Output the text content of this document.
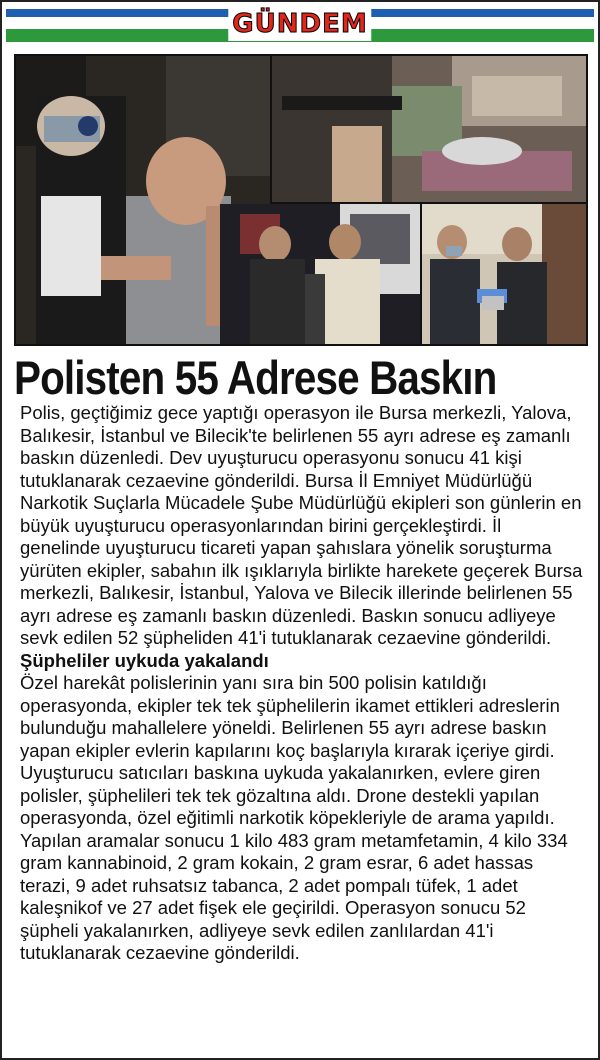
GÜNDEM
Polisten 55 Adrese Baskın

Polis, geçtiğimiz gece yaptığı operasyon ile Bursa merkezli, Yalova, Balıkesir, İstanbul ve Bilecik'te belirlenen 55 ayrı adrese eş zamanlı baskın düzenledi. Dev uyuşturucu operasyonu sonucu 41 kişi tutuklanarak cezaevine gönderildi. Bursa İl Emniyet Müdürlüğü Narkotik Suçlarla Mücadele Şube Müdürlüğü ekipleri son günlerin en büyük uyuşturucu operasyonlarından birini gerçekleştirdi. İl genelinde uyuşturucu ticareti yapan şahıslara yönelik soruşturma yürüten ekipler, sabahın ilk ışıklarıyla birlikte harekete geçerek Bursa merkezli, Balıkesir, İstanbul, Yalova ve Bilecik illerinde belirlenen 55 ayrı adrese eş zamanlı baskın düzenledi. Baskın sonucu adliyeye sevk edilen 52 şüpheliden 41'i tutuklanarak cezaevine gönderildi.

Şüpheliler uykuda yakalandı

Özel harekât polislerinin yanı sıra bin 500 polisin katıldığı operasyonda, ekipler tek tek şüphelilerin ikamet ettikleri adreslerin bulunduğu mahallelere yöneldi. Belirlenen 55 ayrı adrese baskın yapan ekipler evlerin kapılarını koç başlarıyla kırarak içeriye girdi. Uyuşturucu satıcıları baskına uykuda yakalanırken, evlere giren polisler, şüphelileri tek tek gözaltına aldı. Drone destekli yapılan operasyonda, özel eğitimli narkotik köpekleriyle de arama yapıldı. Yapılan aramalar sonucu 1 kilo 483 gram metamfetamin, 4 kilo 334 gram kannabinoid, 2 gram kokain, 2 gram esrar, 6 adet hassas terazi, 9 adet ruhsatsız tabanca, 2 adet pompalı tüfek, 1 adet kaleşnikof ve 27 adet fişek ele geçirildi. Operasyon sonucu 52 şüpheli yakalanırken, adliyeye sevk edilen zanlılardan 41'i tutuklanarak cezaevine gönderildi.
